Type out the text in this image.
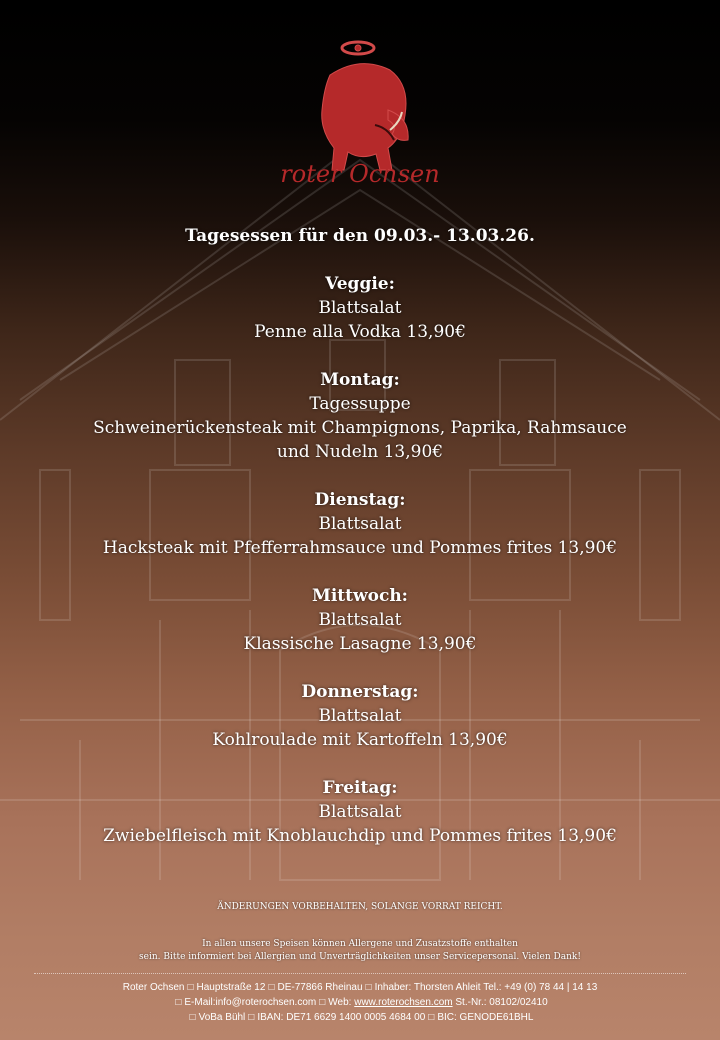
roter Ochsen
Tagesessen für den 09.03.- 13.03.26.
Veggie:
Blattsalat
Penne alla Vodka 13,90€
Montag:
Tagessuppe
Schweinerückensteak mit Champignons, Paprika, Rahmsauce
und Nudeln 13,90€
Dienstag:
Blattsalat
Hacksteak mit Pfefferrahmsauce und Pommes frites 13,90€
Mittwoch:
Blattsalat
Klassische Lasagne 13,90€
Donnerstag:
Blattsalat
Kohlroulade mit Kartoffeln 13,90€
Freitag:
Blattsalat
Zwiebelfleisch mit Knoblauchdip und Pommes frites 13,90€
ÄNDERUNGEN VORBEHALTEN, SOLANGE VORRAT REICHT.
In allen unsere Speisen können Allergene und Zusatzstoffe enthalten
sein. Bitte informiert bei Allergien und Unverträglichkeiten unser Servicepersonal. Vielen Dank!
Roter Ochsen □ Hauptstraße 12 □ DE-77866 Rheinau □ Inhaber: Thorsten Ahleit Tel.: +49 (0) 78 44 | 14 13
□ E-Mail:info@roterochsen.com □ Web: www.roterochsen.com St.-Nr.: 08102/02410
□ VoBa Bühl □ IBAN: DE71 6629 1400 0005 4684 00 □ BIC: GENODE61BHL
